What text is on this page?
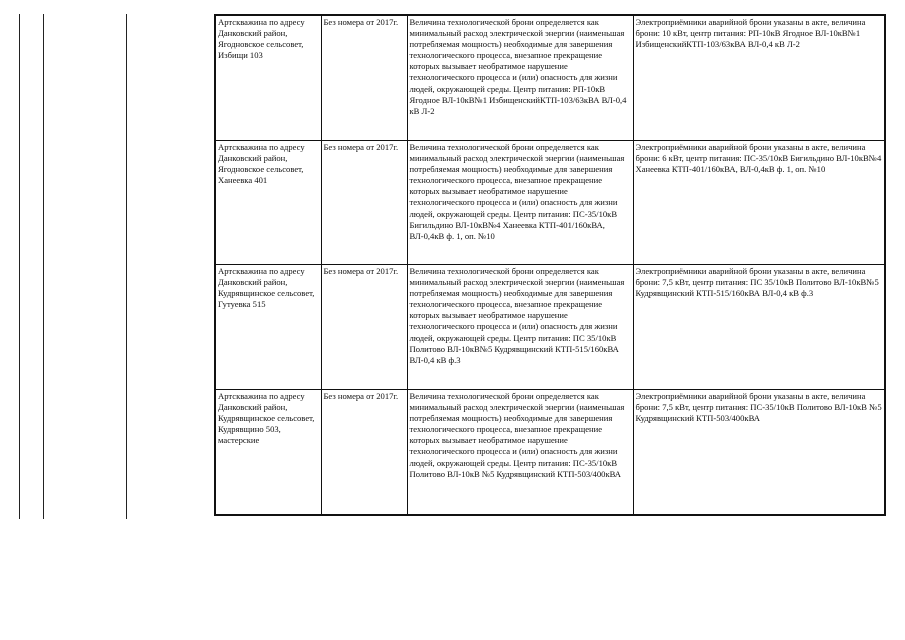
Артскважина по адресу Данковский район, Ягодновское сельсовет, Избищи 103	Без номера от 2017г.	Величина технологической брони определяется как минимальный расход электрической энергии (наименьшая потребляемая мощность) необходимые для завершения технологического процесса, внезапное прекращение которых вызывает необратимое нарушение технологического процесса и (или) опасность для жизни людей, окружающей среды. Центр питания: РП-10кВ Ягодное ВЛ-10кВ№1 ИзбищенскийКТП-103/63кВА ВЛ-0,4 кВ Л-2	Электроприёмники аварийной брони указаны в акте, величина брони: 10 кВт, центр питания: РП-10кВ Ягодное ВЛ-10кВ№1 ИзбищенскийКТП-103/63кВА ВЛ-0,4 кВ Л-2
Артскважина по адресу Данковский район, Ягодновское сельсовет, Ханеевка 401	Без номера от 2017г.	Величина технологической брони определяется как минимальный расход электрической энергии (наименьшая потребляемая мощность) необходимые для завершения технологического процесса, внезапное прекращение которых вызывает необратимое нарушение технологического процесса и (или) опасность для жизни людей, окружающей среды. Центр питания: ПС-35/10кВ Бигильдино ВЛ-10кВ№4 Ханеевка КТП-401/160кВА, ВЛ-0,4кВ ф. 1, оп. №10	Электроприёмники аварийной брони указаны в акте, величина брони: 6 кВт, центр питания: ПС-35/10кВ Бигильдино ВЛ-10кВ№4 Ханеевка КТП-401/160кВА, ВЛ-0,4кВ ф. 1, оп. №10
Артскважина по адресу Данковский район, Кудрявщинское сельсовет, Гутуевка 515	Без номера от 2017г.	Величина технологической брони определяется как минимальный расход электрической энергии (наименьшая потребляемая мощность) необходимые для завершения технологического процесса, внезапное прекращение которых вызывает необратимое нарушение технологического процесса и (или) опасность для жизни людей, окружающей среды. Центр питания: ПС 35/10кВ Политово ВЛ-10кВ№5 Кудрявщинский КТП-515/160кВА ВЛ-0,4 кВ ф.3	Электроприёмники аварийной брони указаны в акте, величина брони: 7,5 кВт, центр питания: ПС 35/10кВ Политово ВЛ-10кВ№5 Кудрявщинский КТП-515/160кВА ВЛ-0,4 кВ ф.3
Артскважина по адресу Данковский район, Кудрявщинское сельсовет, Кудрявщино 503, мастерские	Без номера от 2017г.	Величина технологической брони определяется как минимальный расход электрической энергии (наименьшая потребляемая мощность) необходимые для завершения технологического процесса, внезапное прекращение которых вызывает необратимое нарушение технологического процесса и (или) опасность для жизни людей, окружающей среды. Центр питания: ПС-35/10кВ Политово ВЛ-10кВ №5 Кудрявщинский КТП-503/400кВА	Электроприёмники аварийной брони указаны в акте, величина брони: 7,5 кВт, центр питания: ПС-35/10кВ Политово ВЛ-10кВ №5 Кудрявщинский КТП-503/400кВА
